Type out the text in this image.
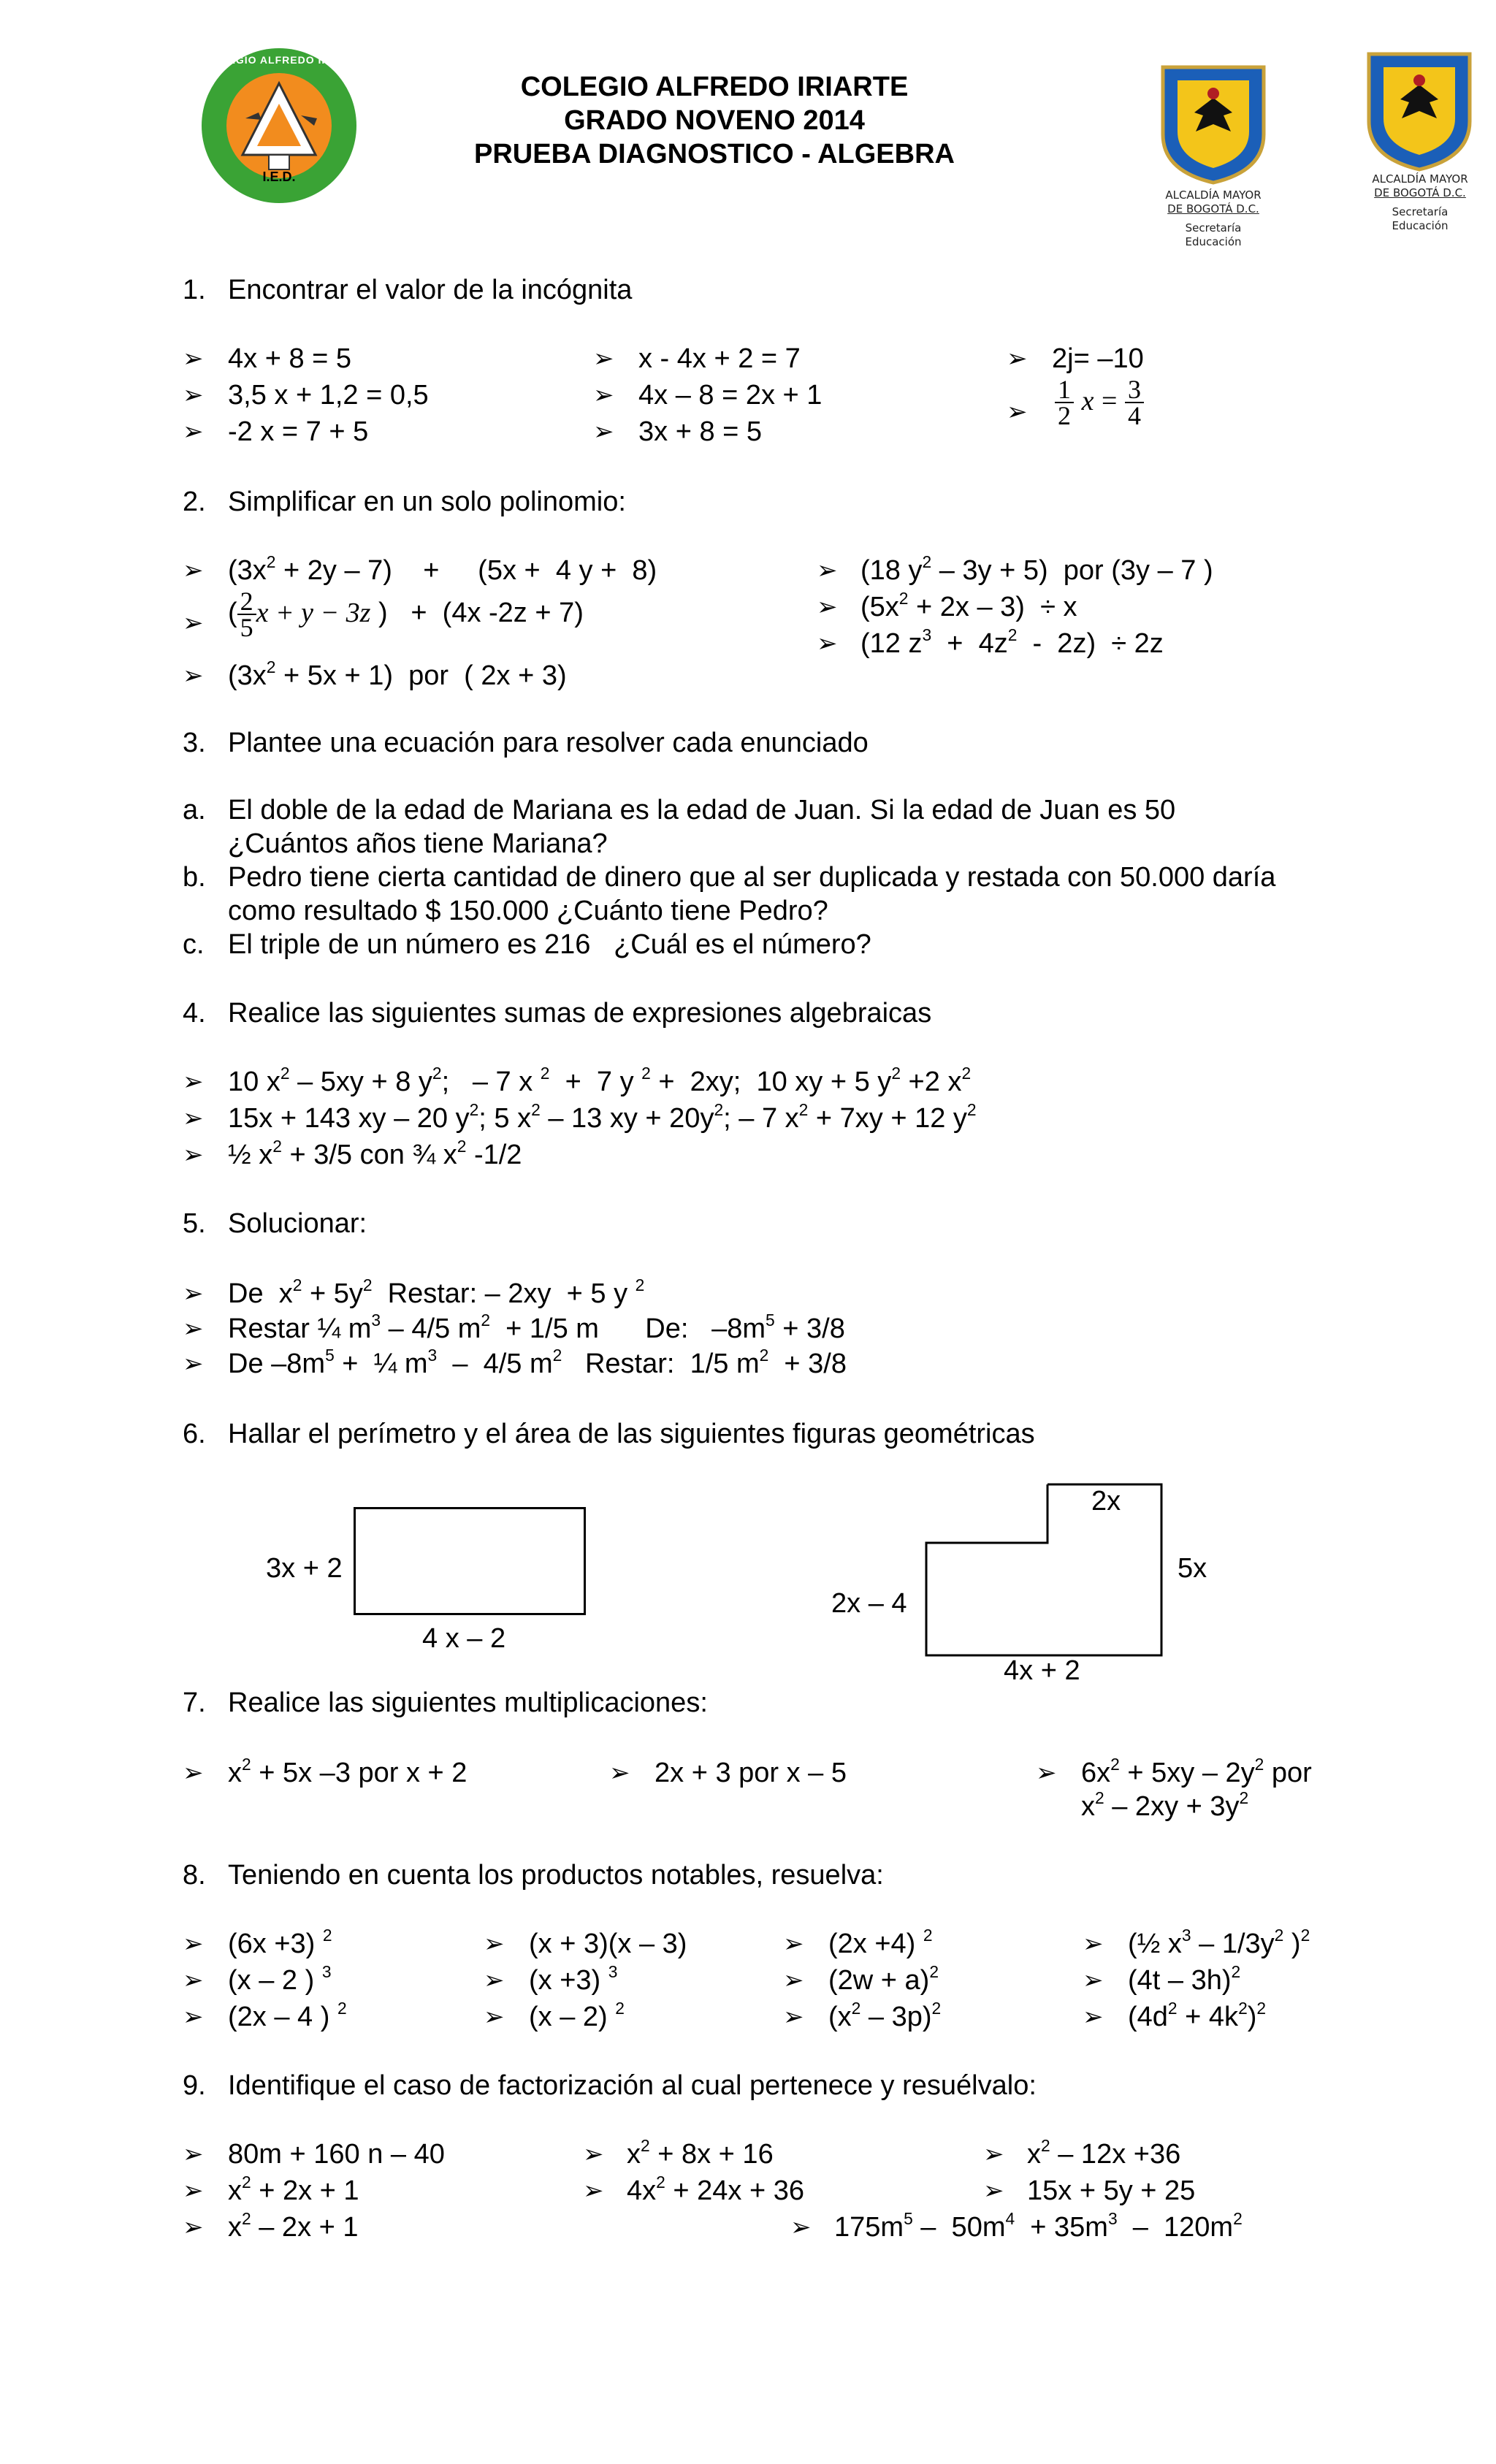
COLEGIO ALFREDO IRIARTE
I.E.D.
COLEGIO ALFREDO IRIARTE
GRADO NOVENO 2014
PRUEBA DIAGNOSTICO - ALGEBRA
ALCALDÍA MAYOR
DE BOGOTÁ D.C.
Secretaría
Educación
ALCALDÍA MAYOR
DE BOGOTÁ D.C.
Secretaría
Educación
1. Encontrar el valor de la incógnita
➢ 4x + 8 = 5
➢ 3,5 x + 1,2 = 0,5
➢ -2 x = 7 + 5
➢ x - 4x + 2 = 7
➢ 4x – 8 = 2x + 1
➢ 3x + 8 = 5
➢ 2j= –10
➢ $\frac{1}{2}$ $x = \frac{3}{4}$
2. Simplificar en un solo polinomio:
➢ $(3x^2 + 2y - 7)$    +     (5x +  4 y +  8)
➢ ( $\frac{2}{5}$ x + y − 3z )   +  (4x -2z + 7)
➢ $(3x^2 + 5x + 1)$  por  ( 2x + 3)
➢ (18 $y^2 - 3y + 5$)  por (3y – 7 )
➢ $(5x^2 + 2x - 3) \div x$
➢ (12 $z^3 + 4z^2 - 2z) \div 2z$
3. Plantee una ecuación para resolver cada enunciado
a. El doble de la edad de Mariana es la edad de Juan. Si la edad de Juan es 50
¿Cuántos años tiene Mariana?
b. Pedro tiene cierta cantidad de dinero que al ser duplicada y restada con 50.000 daría
como resultado $ 150.000 ¿Cuánto tiene Pedro?
c. El triple de un número es 216   ¿Cuál es el número?
4. Realice las siguientes sumas de expresiones algebraicas
➢ 10 $x^2 - 5xy + 8$ $y^2$;   – 7 x $^2$  +  7 y $^2$ +  2xy;  10 xy + 5 $y^2 +2$ $x^2$
➢ 15x + 143 xy – 20 $y^2$; 5 $x^2 - 13$ xy + $20y^2$; – 7 $x^2 + 7xy + 12$ $y^2$
➢ ½ $x^2 + 3/5$ con ¾ $x^2$ -1/2
5. Solucionar:
➢ De  $x^2 + 5y^2$  Restar: – 2xy  + 5 y $^2$
➢ Restar ¼ $m^3 - 4/5$ $m^2 + 1/5$ m      De:   $-8m^5 + 3/8$
➢ De $-8m^5$ +  ¼ $m^3 - 4/5$ $m^2$   Restar:  1/5 $m^2 + 3/8$
6. Hallar el perímetro y el área de las siguientes figuras geométricas
3x + 2
4 x – 2
2x
5x
2x – 4
4x + 2
7. Realice las siguientes multiplicaciones:
➢ $x^2 + 5x$ –3 por x + 2	➢ 2x + 3 por x – 5	➢ $6x^2 + 5xy - 2y^2$ por
$x^2 - 2xy + 3y^2$
8. Teniendo en cuenta los productos notables, resuelva:
➢ (6x +3) $^2$
➢ (x – 2 ) $^3$
➢ (2x – 4 ) $^2$
➢ (x + 3)(x – 3)
➢ (x +3) $^3$
➢ (x – 2) $^2$
➢ (2x +4) $^2$
➢ $(2w + a)^2$
➢ $(x^2 - 3p)^2$
➢ (½ $x^3 - 1/3y^2$ )$^2$
➢ (4t – 3h)$^2$
➢ $(4d^2 + 4k^2)^2$
9. Identifique el caso de factorización al cual pertenece y resuélvalo:
➢ 80m + 160 n – 40
➢ $x^2 + 2x + 1$
➢ $x^2 - 2x + 1$
➢ $x^2 + 8x + 16$
➢ $4x^2 + 24x + 36$
➢ $x^2 - 12x +36$
➢ 15x + 5y + 25
➢ $175m^5 - 50m^4 + 35m^3 - 120m^2$
